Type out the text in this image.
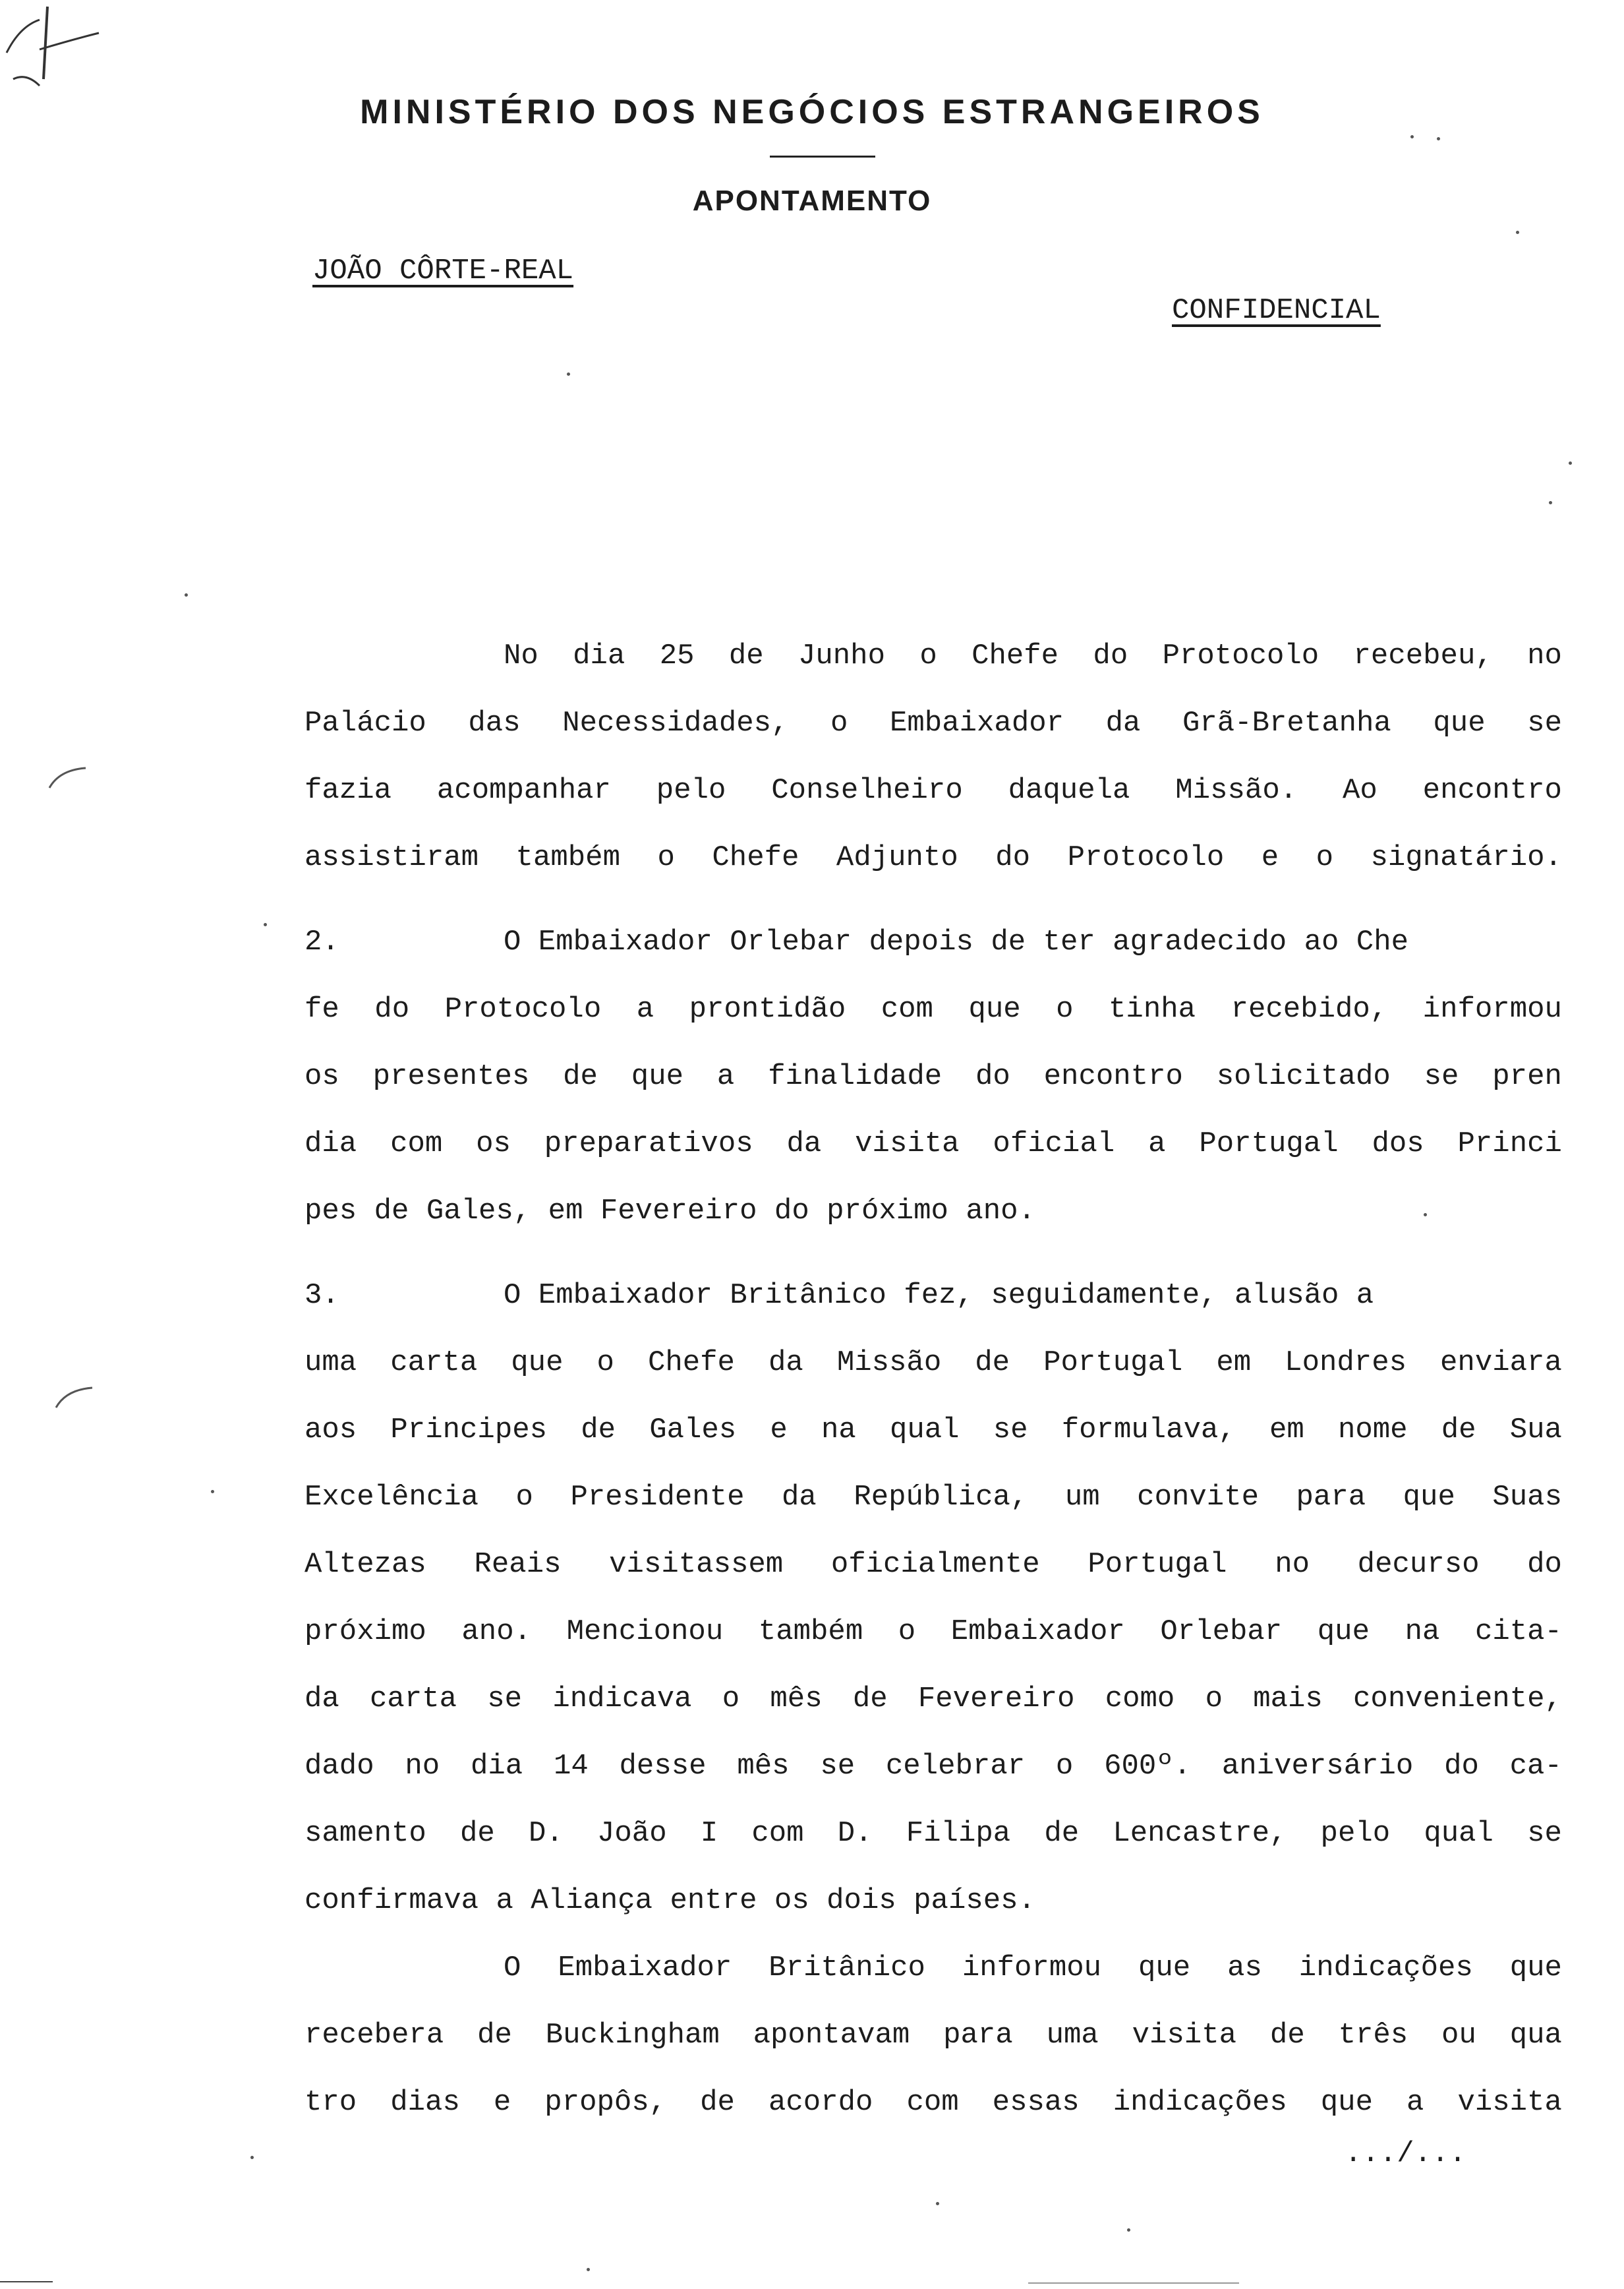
MINISTÉRIO DOS NEGÓCIOS ESTRANGEIROS
APONTAMENTO
JOÃO CÔRTE-REAL
CONFIDENCIAL
No dia 25 de Junho o Chefe do Protocolo recebeu, no
Palácio das Necessidades, o Embaixador da Grã-Bretanha que se
fazia acompanhar pelo Conselheiro daquela Missão. Ao encontro
assistiram também o Chefe Adjunto do Protocolo e o signatário.
2.	O Embaixador Orlebar depois de ter agradecido ao Che
fe do Protocolo a prontidão com que o tinha recebido, informou
os presentes de que a finalidade do encontro solicitado se pren
dia com os preparativos da visita oficial a Portugal dos Princi
pes de Gales, em Fevereiro do próximo ano.
3.	O Embaixador Britânico fez, seguidamente, alusão a
uma carta que o Chefe da Missão de Portugal em Londres enviara
aos Principes de Gales e na qual se formulava, em nome de Sua
Excelência o Presidente da República, um convite para que Suas
Altezas Reais visitassem oficialmente Portugal no decurso do
próximo ano. Mencionou também o Embaixador Orlebar que na cita-
da carta se indicava o mês de Fevereiro como o mais conveniente,
dado no dia 14 desse mês se celebrar o 600º. aniversário do ca-
samento de D. João I com D. Filipa de Lencastre, pelo qual se
confirmava a Aliança entre os dois países.
O Embaixador Britânico informou que as indicações que
recebera de Buckingham apontavam para uma visita de três ou qua
tro dias e propôs, de acordo com essas indicações que a visita
.../...
